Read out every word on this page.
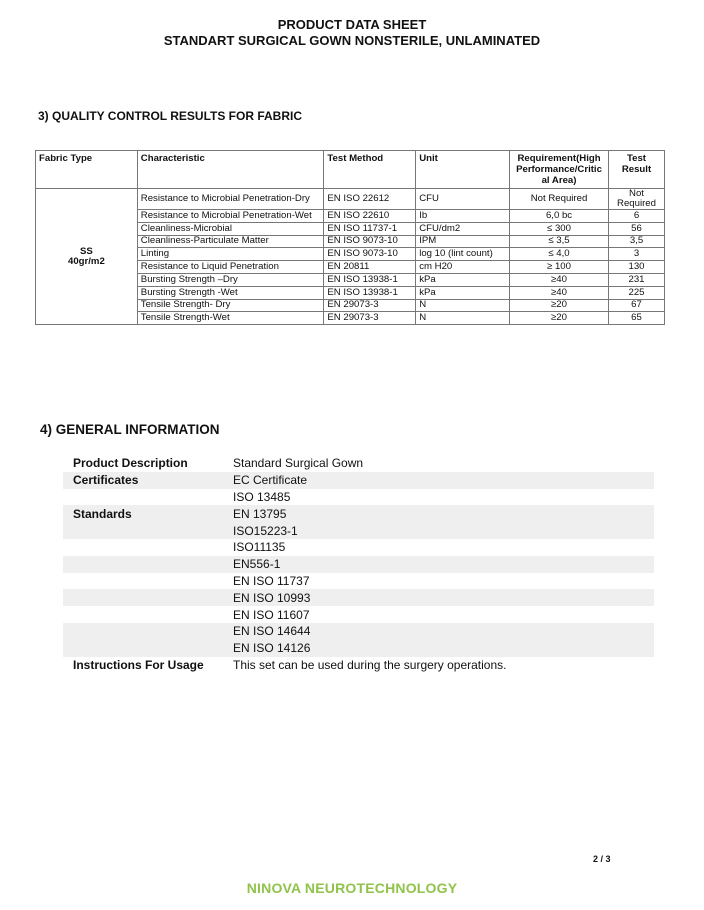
PRODUCT DATA SHEET
STANDART SURGICAL GOWN NONSTERILE, UNLAMINATED
3) QUALITY CONTROL RESULTS FOR FABRIC
Fabric Type	Characteristic	Test Method	Unit	Requirement(High Performance/Critic al Area)	Test Result
SS
40gr/m2	Resistance to Microbial Penetration-Dry	EN ISO 22612	CFU	Not Required	Not Required
	Resistance to Microbial Penetration-Wet	EN ISO 22610	Ib	6,0 bc	6
	Cleanliness-Microbial	EN ISO 11737-1	CFU/dm2	≤ 300	56
	Cleanliness-Particulate Matter	EN ISO 9073-10	IPM	≤ 3,5	3,5
	Linting	EN ISO 9073-10	log 10 (lint count)	≤ 4,0	3
	Resistance to Liquid Penetration	EN 20811	cm H20	≥ 100	130
	Bursting Strength –Dry	EN ISO 13938-1	kPa	≥40	231
	Bursting Strength -Wet	EN ISO 13938-1	kPa	≥40	225
	Tensile Strength- Dry	EN 29073-3	N	≥20	67
	Tensile Strength-Wet	EN 29073-3	N	≥20	65
4) GENERAL INFORMATION
Product Description	Standard Surgical Gown
Certificates	EC Certificate
ISO 13485
Standards	EN 13795
ISO15223-1
ISO11135
EN556-1
EN ISO 11737
EN ISO 10993
EN ISO 11607
EN ISO 14644
EN ISO 14126
Instructions For Usage	This set can be used during the surgery operations.
2 / 3
NINOVA NEUROTECHNOLOGY
